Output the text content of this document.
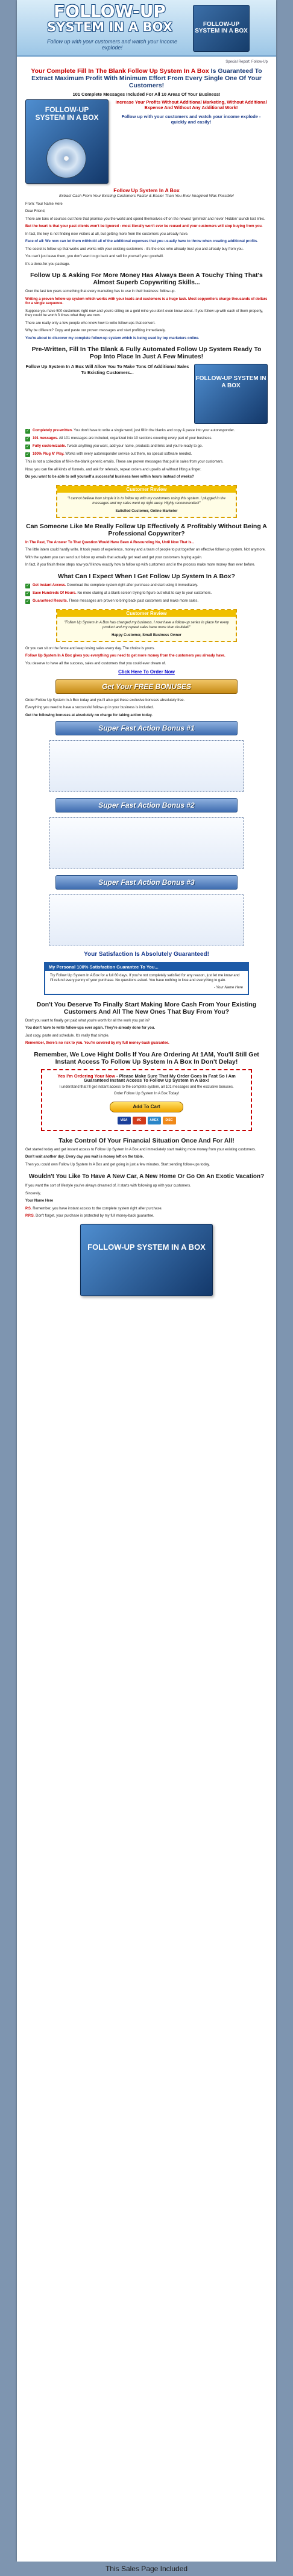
FOLLOW-UP
SYSTEM IN A BOX
Follow up with your customers and watch your income explode!
FOLLOW-UP SYSTEM IN A BOX
Special Report: Follow-Up
Your Complete Fill In The Blank Follow Up System In A Box Is Guaranteed To Extract Maximum Profit With Minimum Effort From Every Single One Of Your Customers!
101 Complete Messages Included For All 10 Areas Of Your Business!
FOLLOW-UP SYSTEM IN A BOX
Increase Your Profits Without Additional Marketing, Without Additional Expense And Without Any Additional Work!
Follow up with your customers and watch your income explode - quickly and easily!
Follow Up System In A Box
Extract Cash From Your Existing Customers Faster & Easier Than You Ever Imagined Was Possible!

From: Your Name Here

Dear Friend,

There are tons of courses out there that promise you the world and spend themselves off on the newest 'gimmick' and never 'Hidden' launch lost links.

But the heart is that your past clients won't be ignored - most literally won't ever be reused and your customers will stop buying from you.

In fact, the key is not finding new visitors at all, but getting more from the customers you already have.

Face of all: We now can let them withhold all of the additional expenses that you usually have to throw when creating additional profits.

The secret is follow-up that works and works with your existing customers - it's the ones who already trust you and already buy from you.

You can't just leave them, you don't want to go back and sell for yourself your goodwill.

It's a done-for-you package.

Follow Up & Asking For More Money Has Always Been A Touchy Thing That's Almost Superb Copywriting Skills...

Over the last ten years something that every marketing has to use in their business: follow-up.

Writing a proven follow-up system which works with your leads and customers is a huge task. Most copywriters charge thousands of dollars for a single sequence.

Suppose you have 500 customers right now and you're sitting on a gold mine you don't even know about. If you follow up with each of them properly, they could be worth 3 times what they are now.

There are really only a few people who know how to write follow-ups that convert.

Why be different? Copy and paste our proven messages and start profiting immediately.

You're about to discover my complete follow-up system which is being used by top marketers online.

Pre-Written, Fill In The Blank & Fully Automated Follow Up System Ready To Pop Into Place In Just A Few Minutes!
Follow Up System In A Box Will Allow You To Make Tons Of Additional Sales To Existing Customers...
FOLLOW-UP SYSTEM IN A BOX
✓ Completely pre-written. You don't have to write a single word, just fill in the blanks and copy & paste into your autoresponder.
✓ 101 messages. All 101 messages are included, organized into 10 sections covering every part of your business.
✓ Fully customizable. Tweak anything you want, add your name, products and links and you're ready to go.
✓ 100% Plug N' Play. Works with every autoresponder service out there, no special software needed.

This is not a collection of fill-in-the-blank generic emails. These are proven messages that pull in sales from your customers.

Now, you can fire all kinds of funnels, and ask for referrals, repeat orders and upsells all without lifting a finger.

Do you want to be able to sell yourself a successful business here within hours instead of weeks?

Customer Review
"I cannot believe how simple it is to follow up with my customers using this system. I plugged in the messages and my sales went up right away. Highly recommended!"
Satisfied Customer, Online Marketer
Can Someone Like Me Really Follow Up Effectively & Profitably Without Being A Professional Copywriter?

In The Past, The Answer To That Question Would Have Been A Resounding No, Until Now That Is...

The little intern could hardly write. It took years of experience, money and a team of people to put together an effective follow up system. Not anymore.

With the system you can send out follow up emails that actually get read and get your customers buying again.

In fact, if you finish these steps now you'll know exactly how to follow up with customers and in the process make more money than ever before.

What Can I Expect When I Get Follow Up System In A Box?
✓ Get Instant Access. Download the complete system right after purchase and start using it immediately.
✓ Save Hundreds Of Hours. No more staring at a blank screen trying to figure out what to say to your customers.
✓ Guaranteed Results. These messages are proven to bring back past customers and make more sales.
Customer Review
"Follow Up System In A Box has changed my business. I now have a follow-up series in place for every product and my repeat sales have more than doubled!"
Happy Customer, Small Business Owner

Or you can sit on the fence and keep losing sales every day. The choice is yours.

Follow Up System In A Box gives you everything you need to get more money from the customers you already have.

You deserve to have all the success, sales and customers that you could ever dream of.

Click Here To Order Now
Get Your FREE BONUSES

Order Follow Up System In A Box today and you'll also get these exclusive bonuses absolutely free.

Everything you need to have a successful follow-up in your business is included.

Get the following bonuses at absolutely no charge for taking action today.

Super Fast Action Bonus #1
Super Fast Action Bonus #2
Super Fast Action Bonus #3
Your Satisfaction Is Absolutely Guaranteed!
My Personal 100% Satisfaction Guarantee To You...
Try Follow Up System In A Box for a full 60 days. If you're not completely satisfied for any reason, just let me know and I'll refund every penny of your purchase. No questions asked. You have nothing to lose and everything to gain.
- Your Name Here
Don't You Deserve To Finally Start Making More Cash From Your Existing Customers And All The New Ones That Buy From You?

Don't you want to finally get paid what you're worth for all the work you put in?

You don't have to write follow-ups ever again. They're already done for you.

Just copy, paste and schedule. It's really that simple.

Remember, there's no risk to you. You're covered by my full money-back guarantee.

Remember, We Love Hight Dolls If You Are Ordering At 1AM, You'll Still Get Instant Access To Follow Up System In A Box In Don't Delay!
Yes I'm Ordering Your Now - Please Make Sure That My Order Goes In Fast So I Am Guaranteed Instant Access To Follow Up System In A Box!
I understand that I'll get instant access to the complete system, all 101 messages and the exclusive bonuses.
Order Follow Up System In A Box Today!
Add To Cart
VISA	MC	AMEX	DISC
Take Control Of Your Financial Situation Once And For All!

Get started today and get instant access to Follow Up System In A Box and immediately start making more money from your existing customers.

Don't wait another day. Every day you wait is money left on the table.

Then you could own Follow Up System In A Box and get going in just a few minutes. Start sending follow-ups today.

Wouldn't You Like To Have A New Car, A New Home Or Go On An Exotic Vacation?

If you want the sort of lifestyle you've always dreamed of, it starts with following up with your customers.

Sincerely,

Your Name Here

P.S. Remember, you have instant access to the complete system right after purchase.

P.P.S. Don't forget, your purchase is protected by my full money-back guarantee.

FOLLOW-UP SYSTEM IN A BOX
This Sales Page Included
